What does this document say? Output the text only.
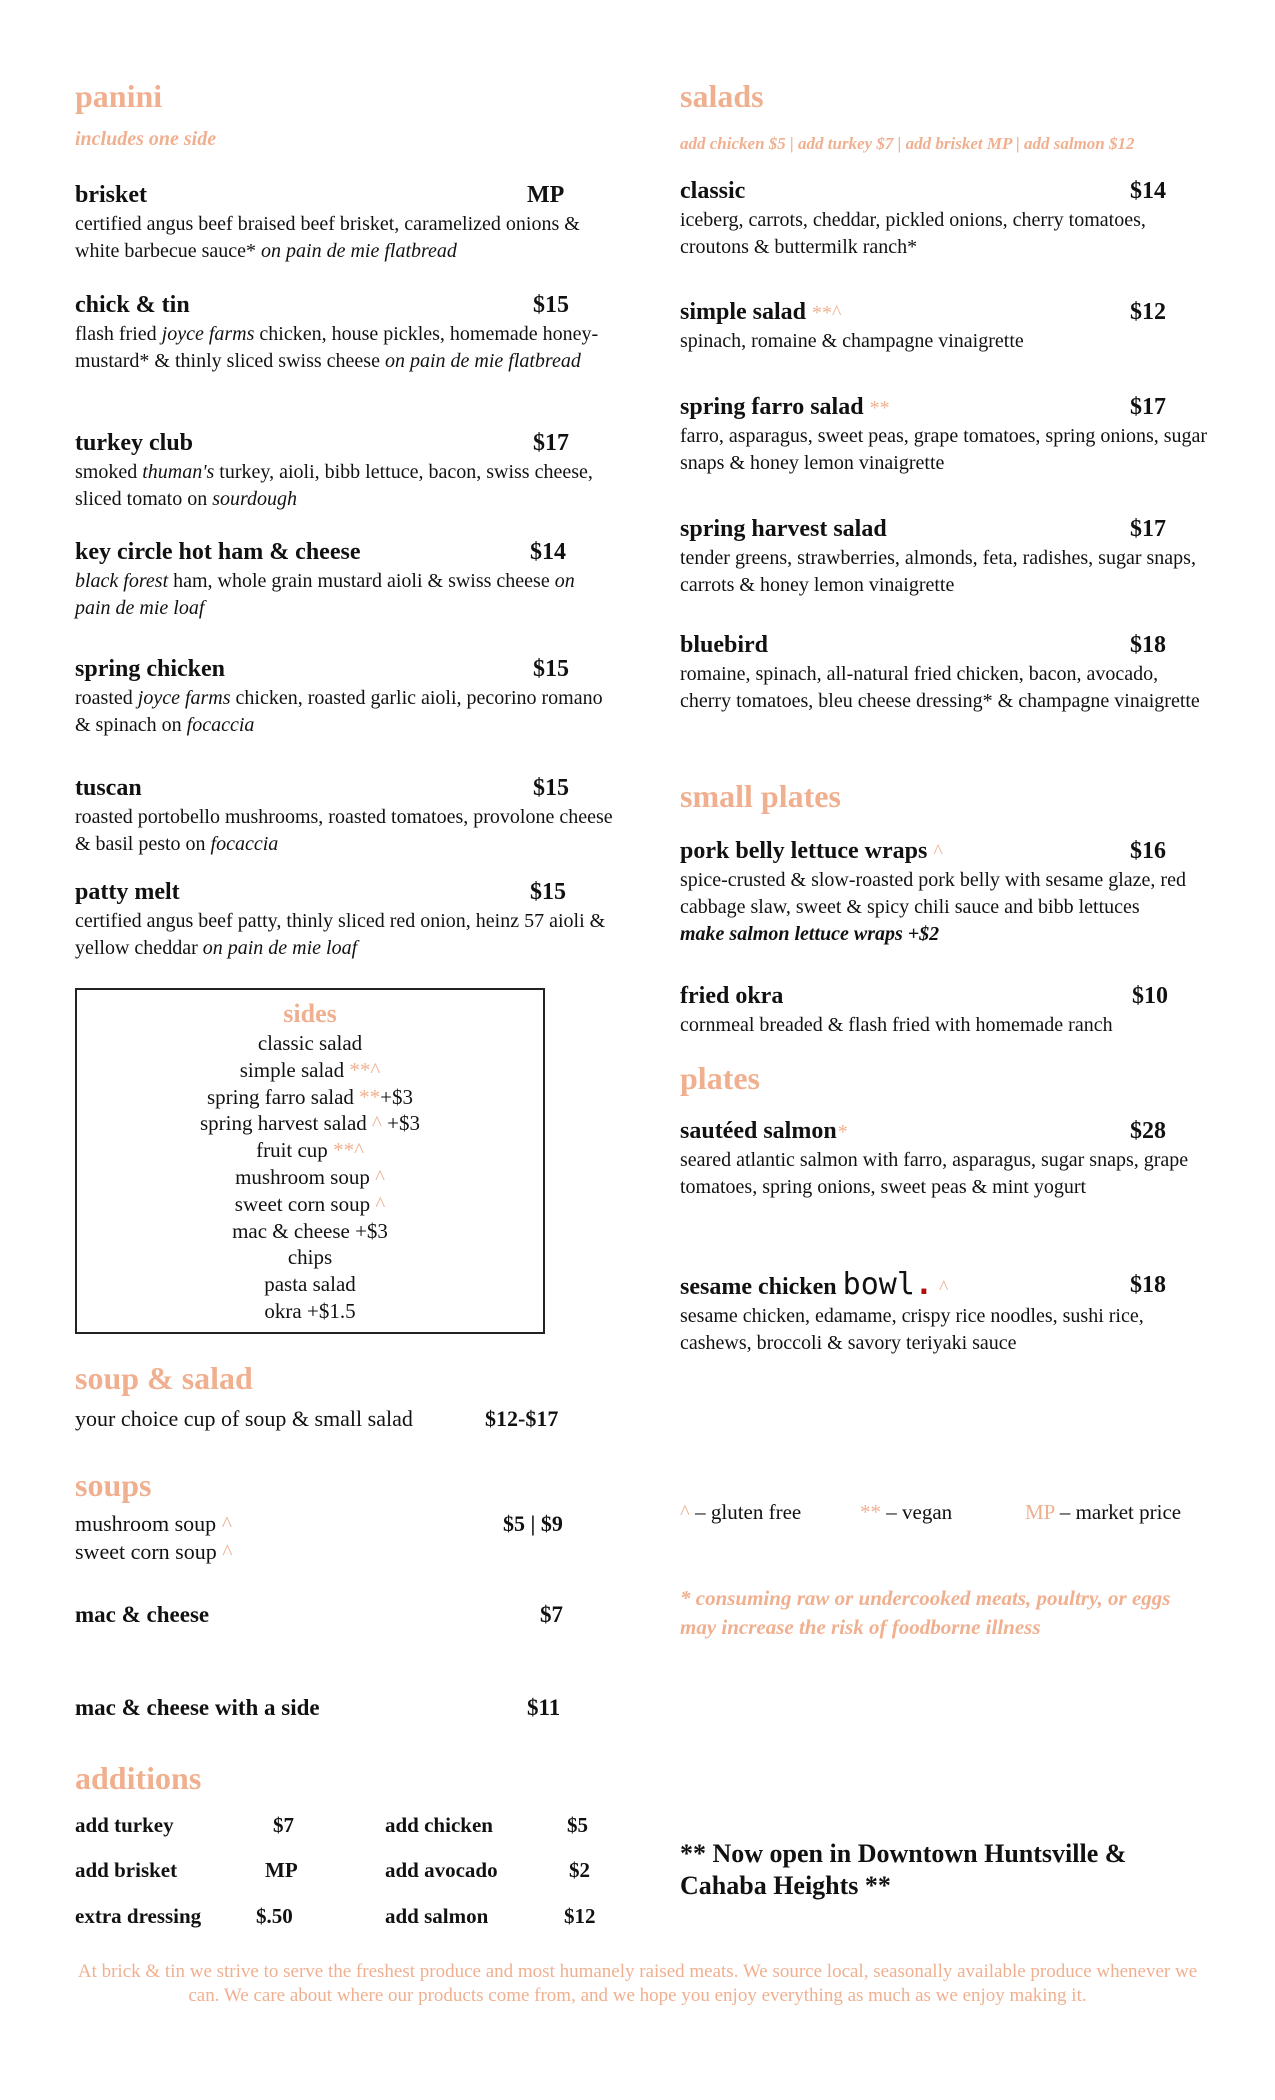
panini
includes one side
brisket	MP
certified angus beef braised beef brisket, caramelized onions & white barbecue sauce* on pain de mie flatbread
chick & tin	$15
flash fried joyce farms chicken, house pickles, homemade honey-mustard* & thinly sliced swiss cheese on pain de mie flatbread
turkey club	$17
smoked thuman's turkey, aioli, bibb lettuce, bacon, swiss cheese, sliced tomato on sourdough
key circle hot ham & cheese	$14
black forest ham, whole grain mustard aioli & swiss cheese on pain de mie loaf
spring chicken	$15
roasted joyce farms chicken, roasted garlic aioli, pecorino romano & spinach on focaccia
tuscan	$15
roasted portobello mushrooms, roasted tomatoes, provolone cheese & basil pesto on focaccia
patty melt	$15
certified angus beef patty, thinly sliced red onion, heinz 57 aioli & yellow cheddar on pain de mie loaf
soup & salad
your choice cup of soup & small salad	$12-$17
soups
mushroom soup ^	$5 | $9
sweet corn soup ^
mac & cheese	$7
mac & cheese with a side	$11
additions
add turkey	$7	add chicken	$5
add brisket	MP	add avocado	$2
extra dressing	$.50	add salmon	$12
sides
classic salad
simple salad **^
spring farro salad **+$3
spring harvest salad ^ +$3
fruit cup **^
mushroom soup ^
sweet corn soup ^
mac & cheese +$3
chips
pasta salad
okra +$1.5
salads
add chicken $5 | add turkey $7 | add brisket MP | add salmon $12
classic	$14
iceberg, carrots, cheddar, pickled onions, cherry tomatoes, croutons & buttermilk ranch*
simple salad **^	$12
spinach, romaine & champagne vinaigrette
spring farro salad **	$17
farro, asparagus, sweet peas, grape tomatoes, spring onions, sugar snaps & honey lemon vinaigrette
spring harvest salad	$17
tender greens, strawberries, almonds, feta, radishes, sugar snaps, carrots & honey lemon vinaigrette
bluebird	$18
romaine, spinach, all-natural fried chicken, bacon, avocado, cherry tomatoes, bleu cheese dressing* & champagne vinaigrette
small plates
pork belly lettuce wraps ^	$16
spice-crusted & slow-roasted pork belly with sesame glaze, red cabbage slaw, sweet & spicy chili sauce and bibb lettuces
make salmon lettuce wraps +$2
fried okra	$10
cornmeal breaded & flash fried with homemade ranch
plates
sautéed salmon*	$28
seared atlantic salmon with farro, asparagus, sugar snaps, grape tomatoes, spring onions, sweet peas & mint yogurt
sesame chicken bowl. ^	$18
sesame chicken, edamame, crispy rice noodles, sushi rice, cashews, broccoli & savory teriyaki sauce
^ – gluten free	** – vegan	MP – market price
* consuming raw or undercooked meats, poultry, or eggs may increase the risk of foodborne illness
** Now open in Downtown Huntsville & Cahaba Heights **
At brick & tin we strive to serve the freshest produce and most humanely raised meats. We source local, seasonally available produce whenever we can. We care about where our products come from, and we hope you enjoy everything as much as we enjoy making it.
